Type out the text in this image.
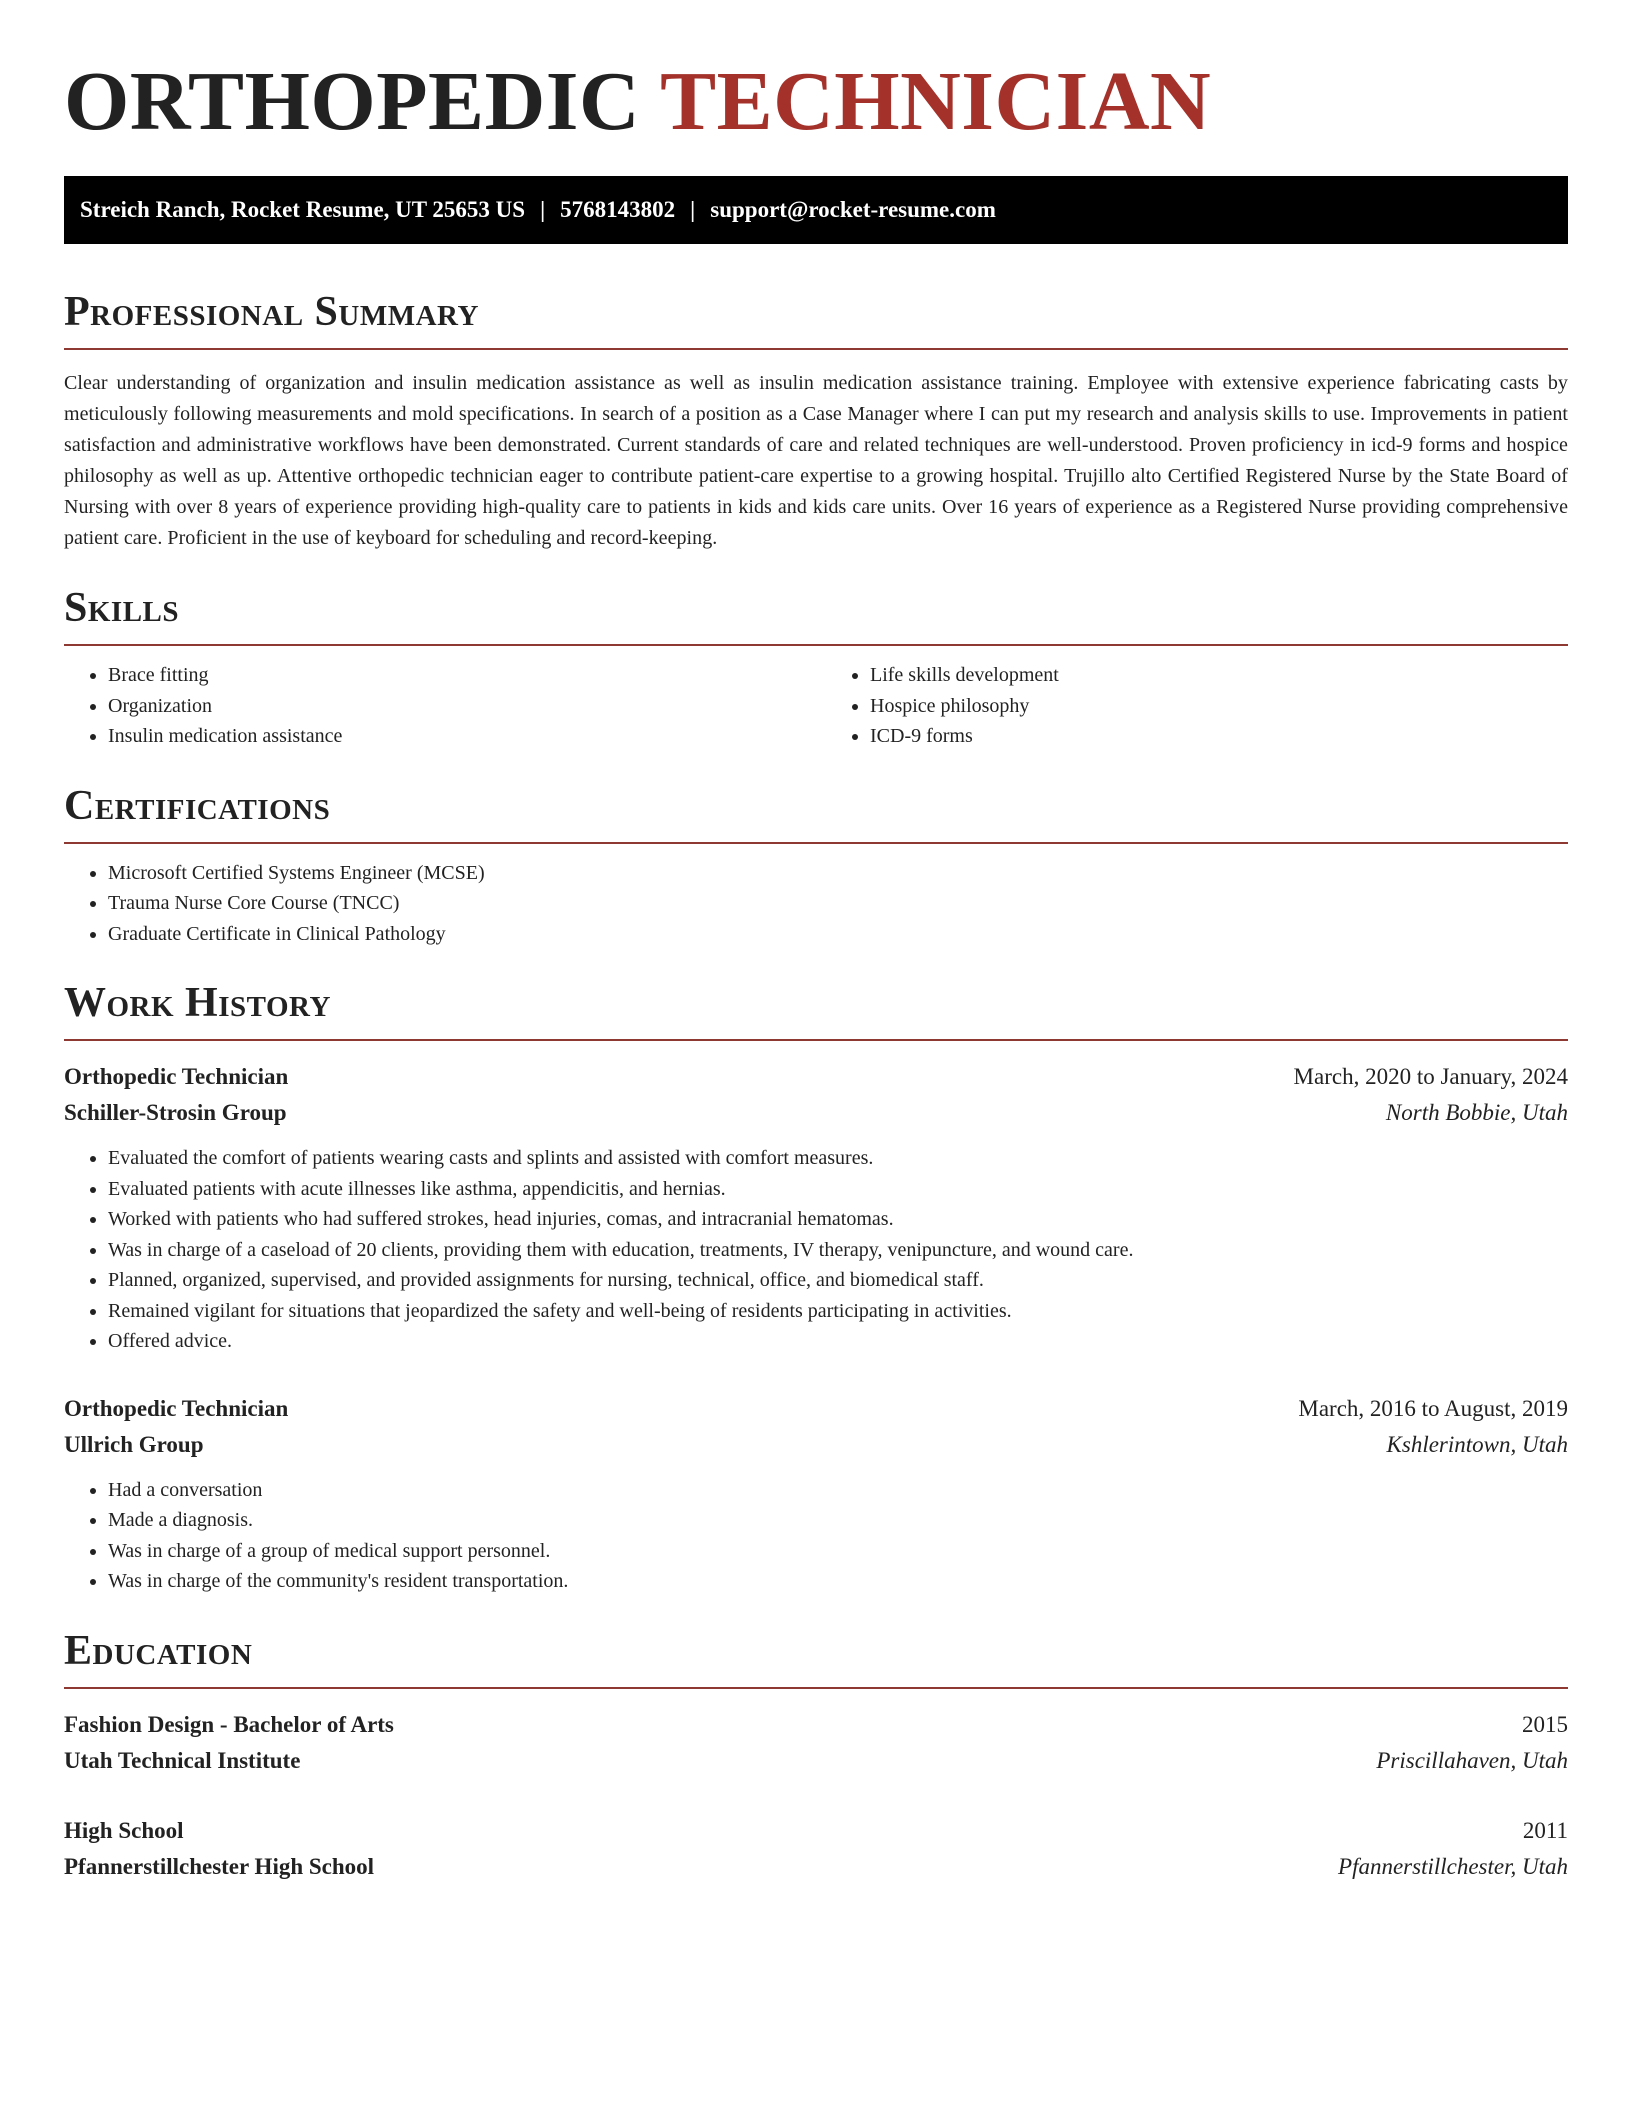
ORTHOPEDIC TECHNICIAN
Streich Ranch, Rocket Resume, UT 25653 US | 5768143802 | support@rocket-resume.com
Professional Summary

Clear understanding of organization and insulin medication assistance as well as insulin medication assistance training. Employee with extensive experience fabricating casts by meticulously following measurements and mold specifications. In search of a position as a Case Manager where I can put my research and analysis skills to use. Improvements in patient satisfaction and administrative workflows have been demonstrated. Current standards of care and related techniques are well-understood. Proven proficiency in icd-9 forms and hospice philosophy as well as up. Attentive orthopedic technician eager to contribute patient-care expertise to a growing hospital. Trujillo alto Certified Registered Nurse by the State Board of Nursing with over 8 years of experience providing high-quality care to patients in kids and kids care units. Over 16 years of experience as a Registered Nurse providing comprehensive patient care. Proficient in the use of keyboard for scheduling and record-keeping.

Skills
• Brace fitting
• Organization
• Insulin medication assistance
• Life skills development
• Hospice philosophy
• ICD-9 forms
Certifications
• Microsoft Certified Systems Engineer (MCSE)
• Trauma Nurse Core Course (TNCC)
• Graduate Certificate in Clinical Pathology
Work History
Orthopedic Technician	March, 2020 to January, 2024
Schiller-Strosin Group	North Bobbie, Utah
• Evaluated the comfort of patients wearing casts and splints and assisted with comfort measures.
• Evaluated patients with acute illnesses like asthma, appendicitis, and hernias.
• Worked with patients who had suffered strokes, head injuries, comas, and intracranial hematomas.
• Was in charge of a caseload of 20 clients, providing them with education, treatments, IV therapy, venipuncture, and wound care.
• Planned, organized, supervised, and provided assignments for nursing, technical, office, and biomedical staff.
• Remained vigilant for situations that jeopardized the safety and well-being of residents participating in activities.
• Offered advice.
Orthopedic Technician	March, 2016 to August, 2019
Ullrich Group	Kshlerintown, Utah
• Had a conversation
• Made a diagnosis.
• Was in charge of a group of medical support personnel.
• Was in charge of the community's resident transportation.
Education
Fashion Design - Bachelor of Arts	2015
Utah Technical Institute	Priscillahaven, Utah
High School	2011
Pfannerstillchester High School	Pfannerstillchester, Utah
